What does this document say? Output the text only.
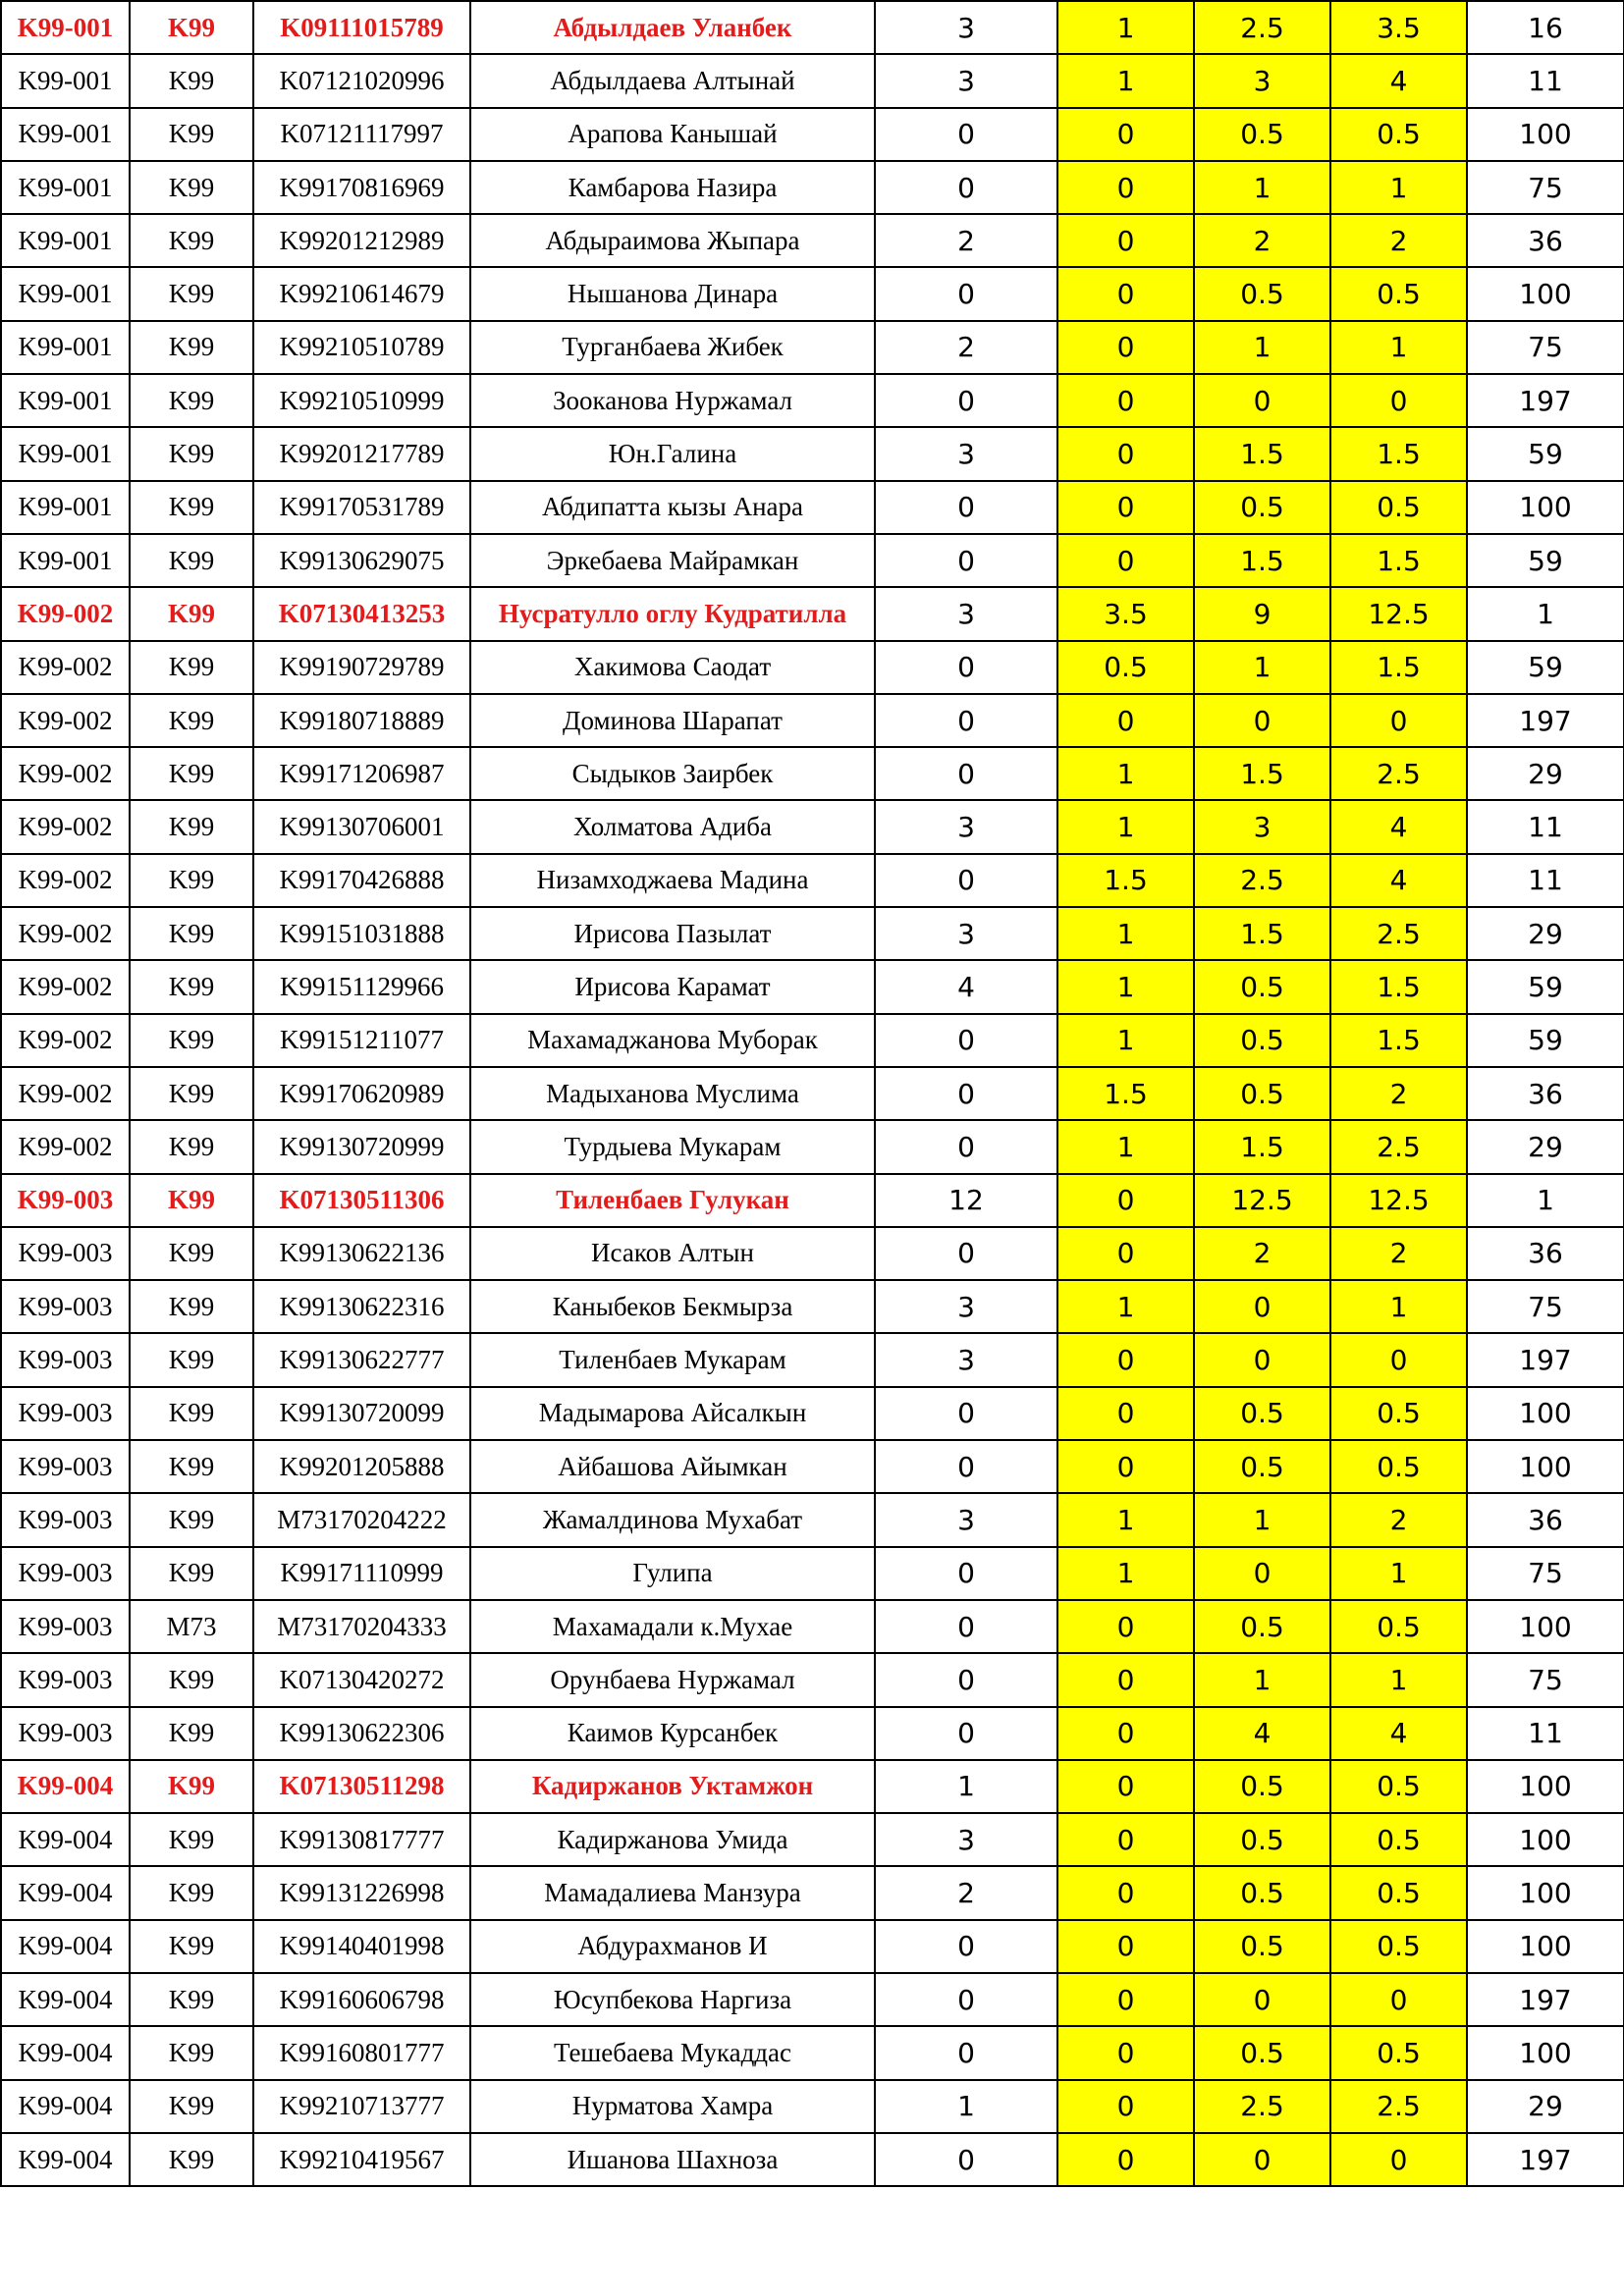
K99-001	K99	K09111015789	Абдылдаев Уланбек	3	1	2.5	3.5	16
K99-001	K99	K07121020996	Абдылдаева Алтынай	3	1	3	4	11
K99-001	K99	K07121117997	Арапова Канышай	0	0	0.5	0.5	100
K99-001	K99	K99170816969	Камбарова Назира	0	0	1	1	75
K99-001	K99	K99201212989	Абдыраимова Жыпара	2	0	2	2	36
K99-001	K99	K99210614679	Нышанова Динара	0	0	0.5	0.5	100
K99-001	K99	K99210510789	Турганбаева Жибек	2	0	1	1	75
K99-001	K99	K99210510999	Зооканова Нуржамал	0	0	0	0	197
K99-001	K99	K99201217789	Юн.Галина	3	0	1.5	1.5	59
K99-001	K99	K99170531789	Абдипатта кызы Анара	0	0	0.5	0.5	100
K99-001	K99	K99130629075	Эркебаева Майрамкан	0	0	1.5	1.5	59
K99-002	K99	K07130413253	Нусратулло оглу Кудратилла	3	3.5	9	12.5	1
K99-002	K99	K99190729789	Хакимова Саодат	0	0.5	1	1.5	59
K99-002	K99	K99180718889	Доминова Шарапат	0	0	0	0	197
K99-002	K99	K99171206987	Сыдыков Заирбек	0	1	1.5	2.5	29
K99-002	K99	K99130706001	Холматова Адиба	3	1	3	4	11
K99-002	K99	K99170426888	Низамходжаева Мадина	0	1.5	2.5	4	11
K99-002	K99	K99151031888	Ирисова Пазылат	3	1	1.5	2.5	29
K99-002	K99	K99151129966	Ирисова Карамат	4	1	0.5	1.5	59
K99-002	K99	K99151211077	Махамаджанова Муборак	0	1	0.5	1.5	59
K99-002	K99	K99170620989	Мадыханова Муслима	0	1.5	0.5	2	36
K99-002	K99	K99130720999	Турдыева Мукарам	0	1	1.5	2.5	29
K99-003	K99	K07130511306	Тиленбаев Гулукан	12	0	12.5	12.5	1
K99-003	K99	K99130622136	Исаков Алтын	0	0	2	2	36
K99-003	K99	K99130622316	Каныбеков Бекмырза	3	1	0	1	75
K99-003	K99	K99130622777	Тиленбаев Мукарам	3	0	0	0	197
K99-003	K99	K99130720099	Мадымарова Айсалкын	0	0	0.5	0.5	100
K99-003	K99	K99201205888	Айбашова Айымкан	0	0	0.5	0.5	100
K99-003	K99	M73170204222	Жамалдинова Мухабат	3	1	1	2	36
K99-003	K99	K99171110999	Гулипа	0	1	0	1	75
K99-003	M73	M73170204333	Махамадали к.Мухае	0	0	0.5	0.5	100
K99-003	K99	K07130420272	Орунбаева Нуржамал	0	0	1	1	75
K99-003	K99	K99130622306	Каимов Курсанбек	0	0	4	4	11
K99-004	K99	K07130511298	Кадиржанов Уктамжон	1	0	0.5	0.5	100
K99-004	K99	K99130817777	Кадиржанова Умида	3	0	0.5	0.5	100
K99-004	K99	K99131226998	Мамадалиева Манзура	2	0	0.5	0.5	100
K99-004	K99	K99140401998	Абдурахманов И	0	0	0.5	0.5	100
K99-004	K99	K99160606798	Юсупбекова Наргиза	0	0	0	0	197
K99-004	K99	K99160801777	Тешебаева Мукаддас	0	0	0.5	0.5	100
K99-004	K99	K99210713777	Нурматова Хамра	1	0	2.5	2.5	29
K99-004	K99	K99210419567	Ишанова Шахноза	0	0	0	0	197
